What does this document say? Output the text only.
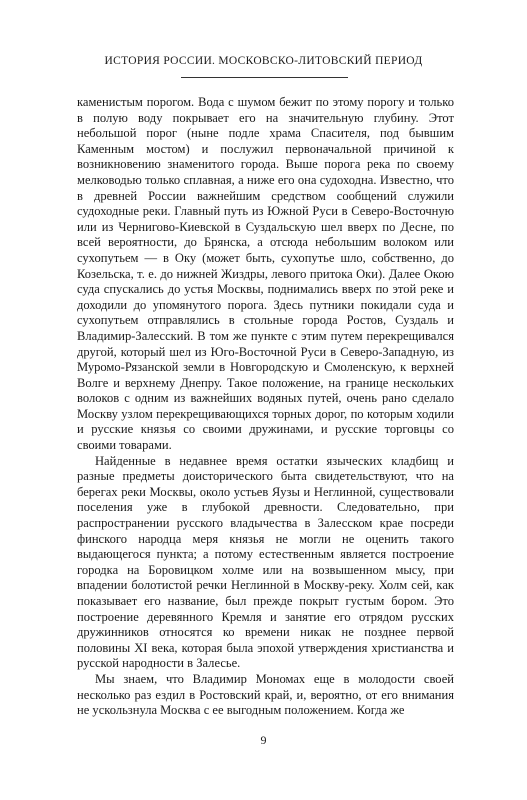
ИСТОРИЯ РОССИИ. МОСКОВСКО-ЛИТОВСКИЙ ПЕРИОД

каменистым порогом. Вода с шумом бежит по этому порогу и только в полую воду покрывает его на значительную глубину. Этот небольшой порог (ныне подле храма Спасителя, под бывшим Каменным мостом) и послужил первоначальной причиной к возникновению знаменитого города. Выше порога река по своему мелководью только сплавная, а ниже его она судоходна. Известно, что в древней России важнейшим средством сообщений служили судоходные реки. Главный путь из Южной Руси в Северо-Восточную или из Чернигово-Киевской в Суздальскую шел вверх по Десне, по всей вероятности, до Брянска, а отсюда небольшим волоком или сухопутьем — в Оку (может быть, сухопутье шло, собственно, до Козельска, т. е. до нижней Жиздры, левого притока Оки). Далее Окою суда спускались до устья Москвы, поднимались вверх по этой реке и доходили до упомянутого порога. Здесь путники покидали суда и сухопутьем отправлялись в стольные города Ростов, Суздаль и Владимир-Залесский. В том же пункте с этим путем перекрещивался другой, который шел из Юго-Восточной Руси в Северо-Западную, из Муромо-Рязанской земли в Новгородскую и Смоленскую, к верхней Волге и верхнему Днепру. Такое положение, на границе нескольких волоков с одним из важнейших водяных путей, очень рано сделало Москву узлом перекрещивающихся торных дорог, по которым ходили и русские князья со своими дружинами, и русские торговцы со своими товарами.

Найденные в недавнее время остатки языческих кладбищ и разные предметы доисторического быта свидетельствуют, что на берегах реки Москвы, около устьев Яузы и Неглинной, существовали поселения уже в глубокой древности. Следовательно, при распространении русского владычества в Залесском крае посреди финского народца меря князья не могли не оценить такого выдающегося пункта; а потому естественным является построение городка на Боровицком холме или на возвышенном мысу, при впадении болотистой речки Неглинной в Москву-реку. Холм сей, как показывает его название, был прежде покрыт густым бором. Это построение деревянного Кремля и занятие его отрядом русских дружинников относятся ко времени никак не позднее первой половины XI века, которая была эпохой утверждения христианства и русской народности в Залесье.

Мы знаем, что Владимир Мономах еще в молодости своей несколько раз ездил в Ростовский край, и, вероятно, от его внимания не ускользнула Москва с ее выгодным положением. Когда же

9
